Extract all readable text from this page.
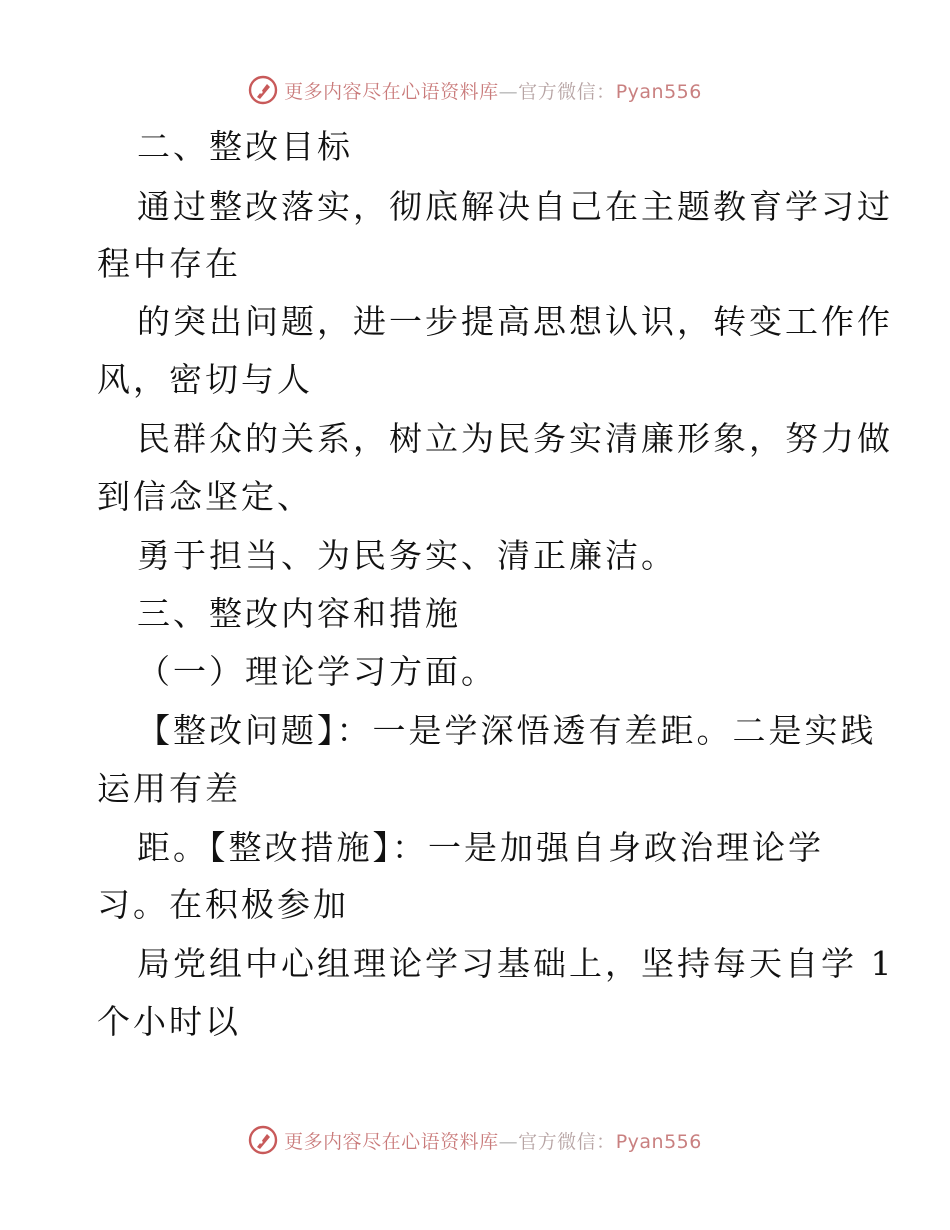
更多内容尽在心语资料库—官方微信：Pyan556
二、整改目标
通过整改落实，彻底解决自己在主题教育学习过
程中存在
的突出问题，进一步提高思想认识，转变工作作
风，密切与人
民群众的关系，树立为民务实清廉形象，努力做
到信念坚定、
勇于担当、为民务实、清正廉洁。
三、整改内容和措施
（一）理论学习方面。
【整改问题】：一是学深悟透有差距。二是实践
运用有差
距。【整改措施】：一是加强自身政治理论学
习。在积极参加
局党组中心组理论学习基础上，坚持每天自学 1
个小时以
更多内容尽在心语资料库—官方微信：Pyan556
